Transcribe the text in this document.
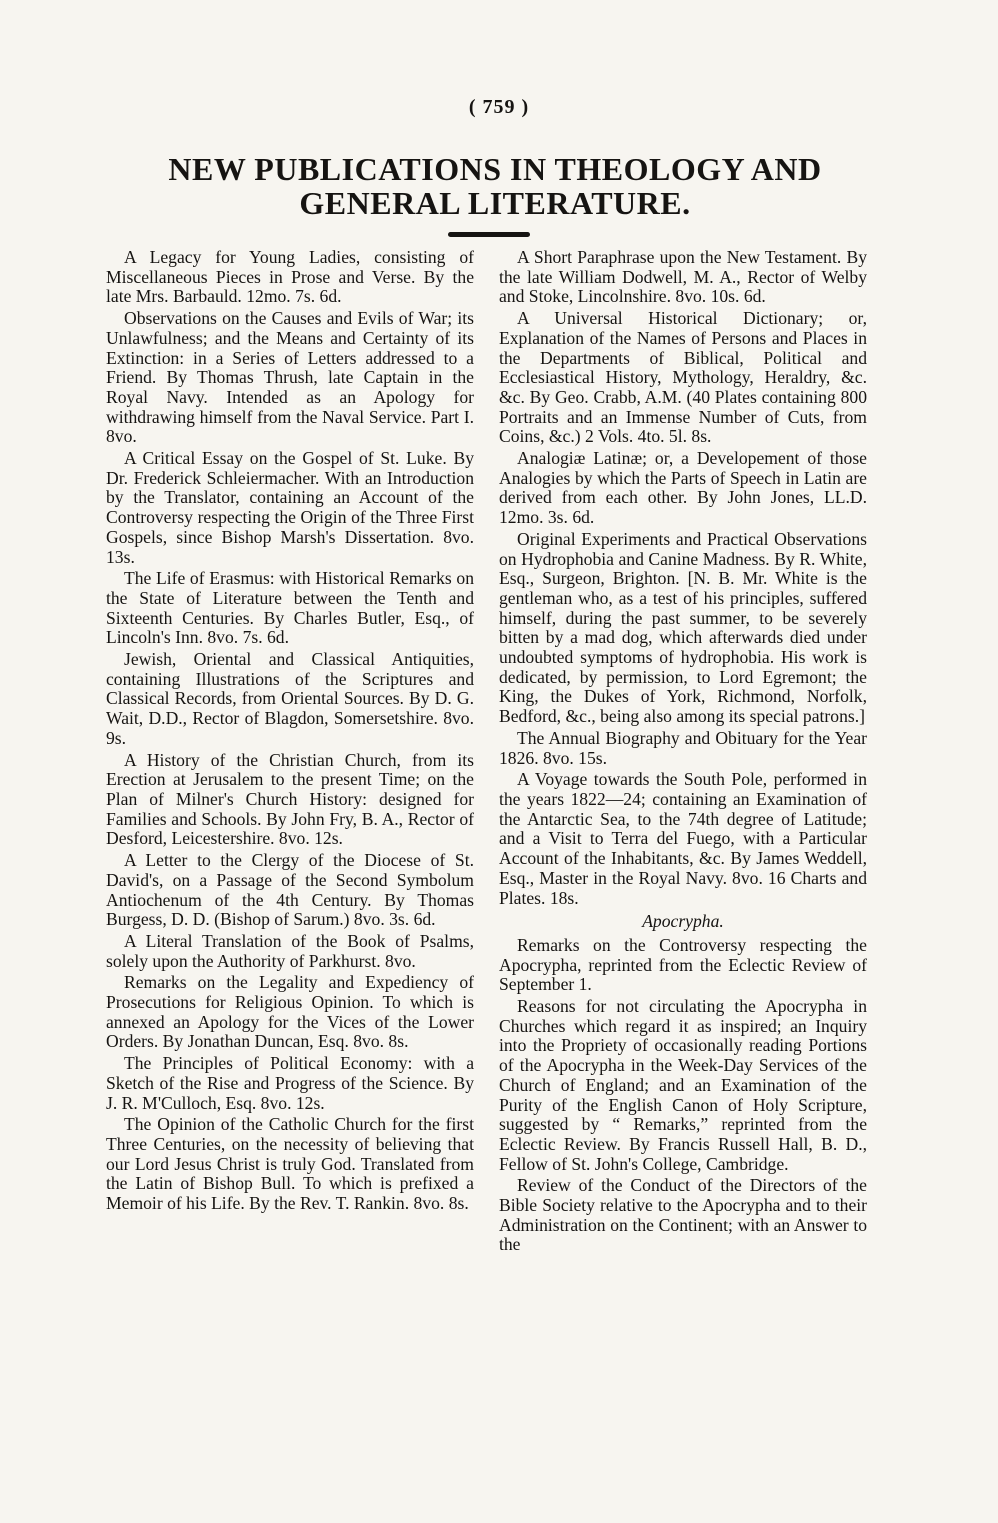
( 759 )
NEW PUBLICATIONS IN THEOLOGY AND
GENERAL LITERATURE.

A Legacy for Young Ladies, consisting of Miscellaneous Pieces in Prose and Verse. By the late Mrs. Barbauld. 12mo. 7s. 6d.

Observations on the Causes and Evils of War; its Unlawfulness; and the Means and Certainty of its Extinction: in a Series of Letters addressed to a Friend. By Thomas Thrush, late Captain in the Royal Navy. Intended as an Apology for withdrawing himself from the Naval Service. Part I. 8vo.

A Critical Essay on the Gospel of St. Luke. By Dr. Frederick Schleiermacher. With an Introduction by the Translator, containing an Account of the Controversy respecting the Origin of the Three First Gospels, since Bishop Marsh's Dissertation. 8vo. 13s.

The Life of Erasmus: with Historical Remarks on the State of Literature between the Tenth and Sixteenth Centuries. By Charles Butler, Esq., of Lincoln's Inn. 8vo. 7s. 6d.

Jewish, Oriental and Classical Antiquities, containing Illustrations of the Scriptures and Classical Records, from Oriental Sources. By D. G. Wait, D.D., Rector of Blagdon, Somersetshire. 8vo. 9s.

A History of the Christian Church, from its Erection at Jerusalem to the present Time; on the Plan of Milner's Church History: designed for Families and Schools. By John Fry, B. A., Rector of Desford, Leicestershire. 8vo. 12s.

A Letter to the Clergy of the Diocese of St. David's, on a Passage of the Second Symbolum Antiochenum of the 4th Century. By Thomas Burgess, D. D. (Bishop of Sarum.) 8vo. 3s. 6d.

A Literal Translation of the Book of Psalms, solely upon the Authority of Parkhurst. 8vo.

Remarks on the Legality and Expediency of Prosecutions for Religious Opinion. To which is annexed an Apology for the Vices of the Lower Orders. By Jonathan Duncan, Esq. 8vo. 8s.

The Principles of Political Economy: with a Sketch of the Rise and Progress of the Science. By J. R. M'Culloch, Esq. 8vo. 12s.

The Opinion of the Catholic Church for the first Three Centuries, on the necessity of believing that our Lord Jesus Christ is truly God. Translated from the Latin of Bishop Bull. To which is prefixed a Memoir of his Life. By the Rev. T. Rankin. 8vo. 8s.

A Short Paraphrase upon the New Testament. By the late William Dodwell, M. A., Rector of Welby and Stoke, Lincolnshire. 8vo. 10s. 6d.

A Universal Historical Dictionary; or, Explanation of the Names of Persons and Places in the Departments of Biblical, Political and Ecclesiastical History, Mythology, Heraldry, &c. &c. By Geo. Crabb, A.M. (40 Plates containing 800 Portraits and an Immense Number of Cuts, from Coins, &c.) 2 Vols. 4to. 5l. 8s.

Analogiæ Latinæ; or, a Developement of those Analogies by which the Parts of Speech in Latin are derived from each other. By John Jones, LL.D. 12mo. 3s. 6d.

Original Experiments and Practical Observations on Hydrophobia and Canine Madness. By R. White, Esq., Surgeon, Brighton. [N. B. Mr. White is the gentleman who, as a test of his principles, suffered himself, during the past summer, to be severely bitten by a mad dog, which afterwards died under undoubted symptoms of hydrophobia. His work is dedicated, by permission, to Lord Egremont; the King, the Dukes of York, Richmond, Norfolk, Bedford, &c., being also among its special patrons.]

The Annual Biography and Obituary for the Year 1826. 8vo. 15s.

A Voyage towards the South Pole, performed in the years 1822—24; containing an Examination of the Antarctic Sea, to the 74th degree of Latitude; and a Visit to Terra del Fuego, with a Particular Account of the Inhabitants, &c. By James Weddell, Esq., Master in the Royal Navy. 8vo. 16 Charts and Plates. 18s.

Apocrypha.

Remarks on the Controversy respecting the Apocrypha, reprinted from the Eclectic Review of September 1.

Reasons for not circulating the Apocrypha in Churches which regard it as inspired; an Inquiry into the Propriety of occasionally reading Portions of the Apocrypha in the Week-Day Services of the Church of England; and an Examination of the Purity of the English Canon of Holy Scripture, suggested by “ Remarks,” reprinted from the Eclectic Review. By Francis Russell Hall, B. D., Fellow of St. John's College, Cambridge.

Review of the Conduct of the Directors of the Bible Society relative to the Apocrypha and to their Administration on the Continent; with an Answer to the
